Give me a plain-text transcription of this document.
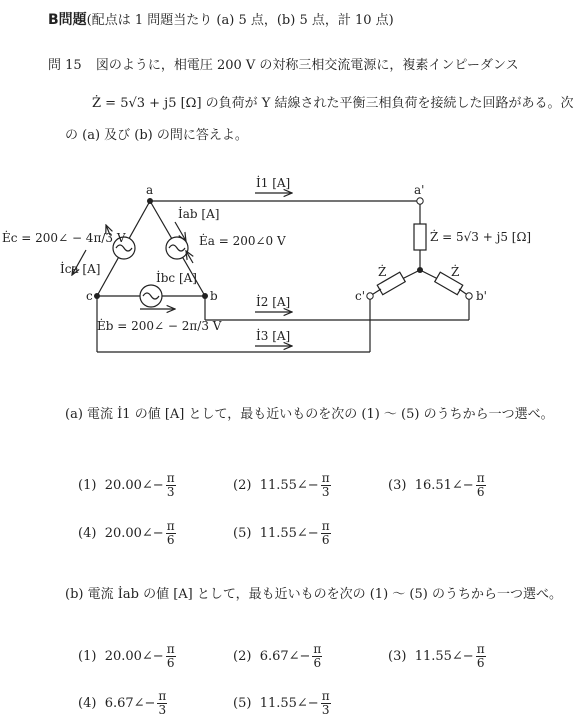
B問題(配点は 1 問題当たり (a) 5 点，(b) 5 点，計 10 点)
問 15 図のように，相電圧 200 V の対称三相交流電源に，複素インピーダンス
Ż = 5√3 + j5 [Ω] の負荷が Y 結線された平衡三相負荷を接続した回路がある。次
の (a) 及び (b) の問に答えよ。
a
b
c
a'
c'	b'
İ1 [A]
İ2 [A]
İ3 [A]
İab [A]
İbc [A]
İca [A]
Ėa = 200∠0 V
Ėb = 200∠ − 2π/3 V
Ėc = 200∠ − 4π/3 V	Ż = 5√3 + j5 [Ω]
Ż	Ż
(a) 電流 İ1 の値 [A] として，最も近いものを次の (1) ～ (5) のうちから一つ選べ。
(1) 20.00∠− $\frac{\pi}{3}$	(2) 11.55∠− $\frac{\pi}{3}$	(3) 16.51∠− $\frac{\pi}{6}$
(4) 20.00∠− $\frac{\pi}{6}$	(5) 11.55∠− $\frac{\pi}{6}$
(b) 電流 İab の値 [A] として，最も近いものを次の (1) ～ (5) のうちから一つ選べ。
(1) 20.00∠− $\frac{\pi}{6}$	(2) 6.67∠− $\frac{\pi}{6}$	(3) 11.55∠− $\frac{\pi}{6}$
(4) 6.67∠− $\frac{\pi}{3}$	(5) 11.55∠− $\frac{\pi}{3}$
